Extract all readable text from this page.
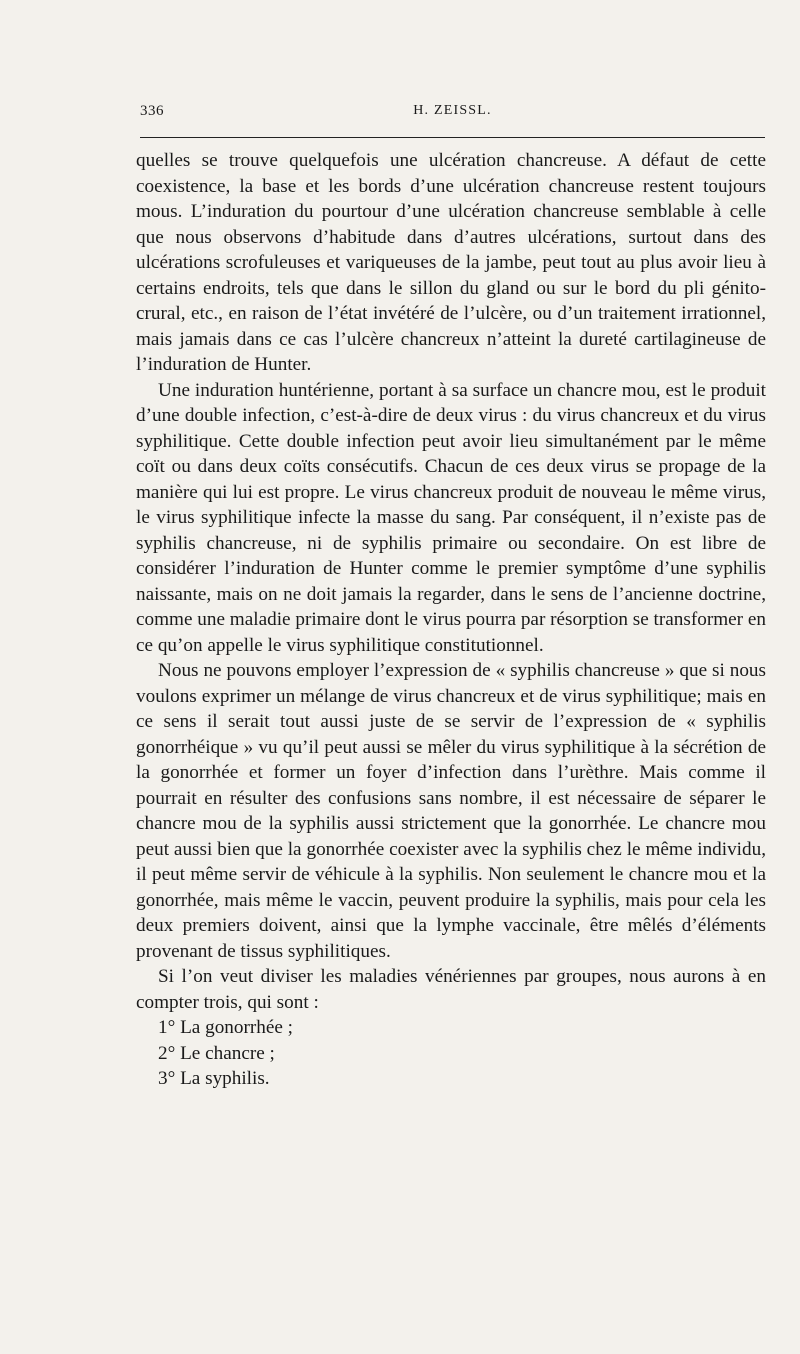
336	H. ZEISSL.

quelles se trouve quelquefois une ulcération chancreuse. A défaut de cette coexistence, la base et les bords d’une ulcération chancreuse restent toujours mous. L’induration du pourtour d’une ulcération chancreuse semblable à celle que nous observons d’habitude dans d’autres ulcérations, surtout dans des ulcérations scrofuleuses et variqueuses de la jambe, peut tout au plus avoir lieu à certains endroits, tels que dans le sillon du gland ou sur le bord du pli génito-crural, etc., en raison de l’état invétéré de l’ulcère, ou d’un traitement irrationnel, mais jamais dans ce cas l’ulcère chancreux n’atteint la dureté cartilagineuse de l’induration de Hunter.

Une induration huntérienne, portant à sa surface un chancre mou, est le produit d’une double infection, c’est-à-dire de deux virus : du virus chancreux et du virus syphilitique. Cette double infection peut avoir lieu simultanément par le même coït ou dans deux coïts consécutifs. Chacun de ces deux virus se propage de la manière qui lui est propre. Le virus chancreux produit de nouveau le même virus, le virus syphilitique infecte la masse du sang. Par conséquent, il n’existe pas de syphilis chancreuse, ni de syphilis primaire ou secondaire. On est libre de considérer l’induration de Hunter comme le premier symptôme d’une syphilis naissante, mais on ne doit jamais la regarder, dans le sens de l’ancienne doctrine, comme une maladie primaire dont le virus pourra par résorption se transformer en ce qu’on appelle le virus syphilitique constitutionnel.

Nous ne pouvons employer l’expression de « syphilis chancreuse » que si nous voulons exprimer un mélange de virus chancreux et de virus syphilitique; mais en ce sens il serait tout aussi juste de se servir de l’expression de « syphilis gonorrhéique » vu qu’il peut aussi se mêler du virus syphilitique à la sécrétion de la gonorrhée et former un foyer d’infection dans l’urèthre. Mais comme il pourrait en résulter des confusions sans nombre, il est nécessaire de séparer le chancre mou de la syphilis aussi strictement que la gonorrhée. Le chancre mou peut aussi bien que la gonorrhée coexister avec la syphilis chez le même individu, il peut même servir de véhicule à la syphilis. Non seulement le chancre mou et la gonorrhée, mais même le vaccin, peuvent produire la syphilis, mais pour cela les deux premiers doivent, ainsi que la lymphe vaccinale, être mêlés d’éléments provenant de tissus syphilitiques.

Si l’on veut diviser les maladies vénériennes par groupes, nous aurons à en compter trois, qui sont :

1° La gonorrhée ;
2° Le chancre ;
3° La syphilis.
